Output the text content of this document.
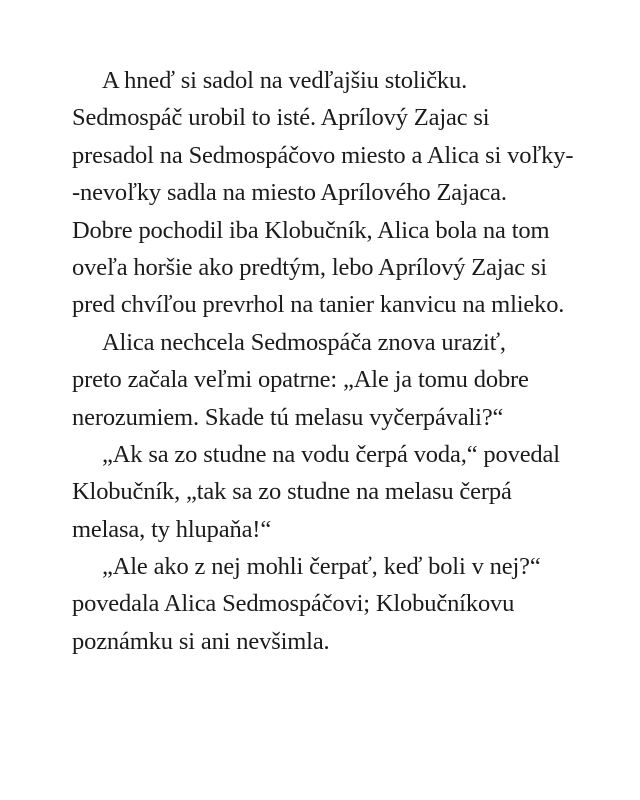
A hneď si sadol na vedľajšiu stoličku.
Sedmospáč urobil to isté. Aprílový Zajac si
presadol na Sedmospáčovo miesto a Alica si voľky-
-nevoľky sadla na miesto Aprílového Zajaca.
Dobre pochodil iba Klobučník, Alica bola na tom
oveľa horšie ako predtým, lebo Aprílový Zajac si
pred chvíľou prevrhol na tanier kanvicu na mlieko.
Alica nechcela Sedmospáča znova uraziť,
preto začala veľmi opatrne: „Ale ja tomu dobre
nerozumiem. Skade tú melasu vyčerpávali?“
„Ak sa zo studne na vodu čerpá voda,“ povedal
Klobučník, „tak sa zo studne na melasu čerpá
melasa, ty hlupaňa!“
„Ale ako z nej mohli čerpať, keď boli v nej?“
povedala Alica Sedmospáčovi; Klobučníkovu
poznámku si ani nevšimla.
